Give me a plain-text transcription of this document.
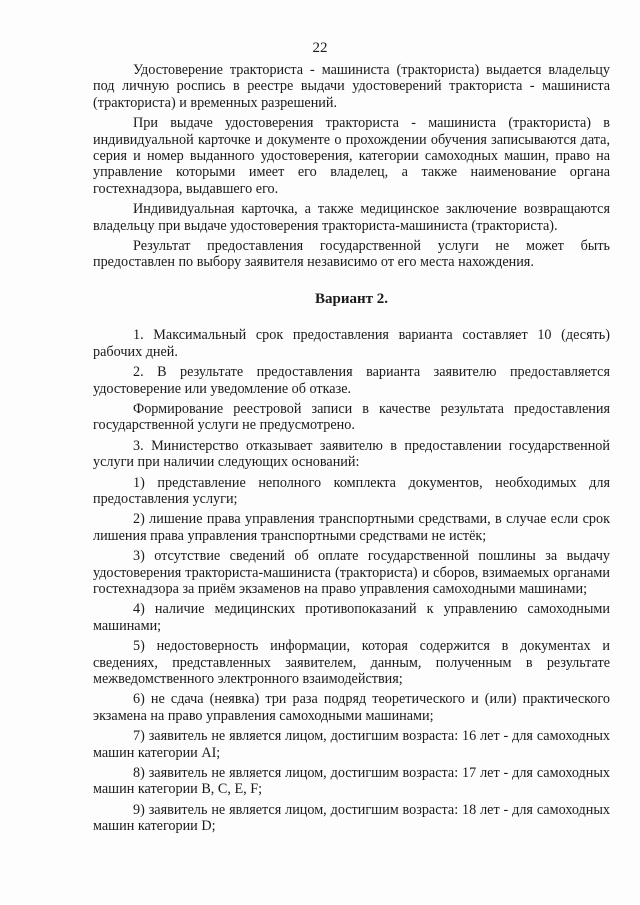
22

Удостоверение тракториста - машиниста (тракториста) выдается владельцу под личную роспись в реестре выдачи удостоверений тракториста - машиниста (тракториста) и временных разрешений.

При выдаче удостоверения тракториста - машиниста (тракториста) в индивидуальной карточке и документе о прохождении обучения записываются дата, серия и номер выданного удостоверения, категории самоходных машин, право на управление которыми имеет его владелец, а также наименование органа гостехнадзора, выдавшего его.

Индивидуальная карточка, а также медицинское заключение возвращаются владельцу при выдаче удостоверения тракториста-машиниста (тракториста).

Результат предоставления государственной услуги не может быть предоставлен по выбору заявителя независимо от его места нахождения.

Вариант 2.

1. Максимальный срок предоставления варианта составляет 10 (десять) рабочих дней.

2. В результате предоставления варианта заявителю предоставляется удостоверение или уведомление об отказе.

Формирование реестровой записи в качестве результата предоставления государственной услуги не предусмотрено.

3. Министерство отказывает заявителю в предоставлении государственной услуги при наличии следующих оснований:

1) представление неполного комплекта документов, необходимых для предоставления услуги;

2) лишение права управления транспортными средствами, в случае если срок лишения права управления транспортными средствами не истёк;

3) отсутствие сведений об оплате государственной пошлины за выдачу удостоверения тракториста-машиниста (тракториста) и сборов, взимаемых органами гостехнадзора за приём экзаменов на право управления самоходными машинами;

4) наличие медицинских противопоказаний к управлению самоходными машинами;

5) недостоверность информации, которая содержится в документах и сведениях, представленных заявителем, данным, полученным в результате межведомственного электронного взаимодействия;

6) не сдача (неявка) три раза подряд теоретического и (или) практического экзамена на право управления самоходными машинами;

7) заявитель не является лицом, достигшим возраста: 16 лет - для самоходных машин категории AI;

8) заявитель не является лицом, достигшим возраста: 17 лет - для самоходных машин категории B, C, E, F;

9) заявитель не является лицом, достигшим возраста: 18 лет - для самоходных машин категории D;
